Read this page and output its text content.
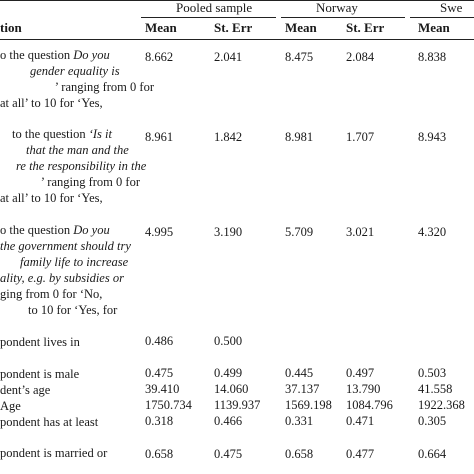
Pooled sample	Norway	Swe
tion	Mean	St. Err	Mean St. Err	Mean
o the question Do you
gender equality is
’ ranging from 0 for
at all’ to 10 for ‘Yes,
8.662	2.041	8.475	2.084	8.838
to the question ‘Is it
that the man and the
re the responsibility in the
’ ranging from 0 for
at all’ to 10 for ‘Yes,
8.961	1.842	8.981	1.707	8.943
o the question Do you
the government should try
family life to increase
ality, e.g. by subsidies or
ging from 0 for ‘No,
to 10 for ‘Yes, for
4.995	3.190	5.709	3.021	4.320
pondent lives in	0.486	0.500
pondent is male	0.475	0.499	0.445	0.497	0.503
dent’s age	39.410	14.060	37.137 13.790	41.558
Age	1750.734 1139.937 1569.198 1084.796 1922.368
pondent has at least	0.318	0.466	0.331	0.471	0.305
pondent is married or	0.658	0.475	0.658	0.477	0.664
